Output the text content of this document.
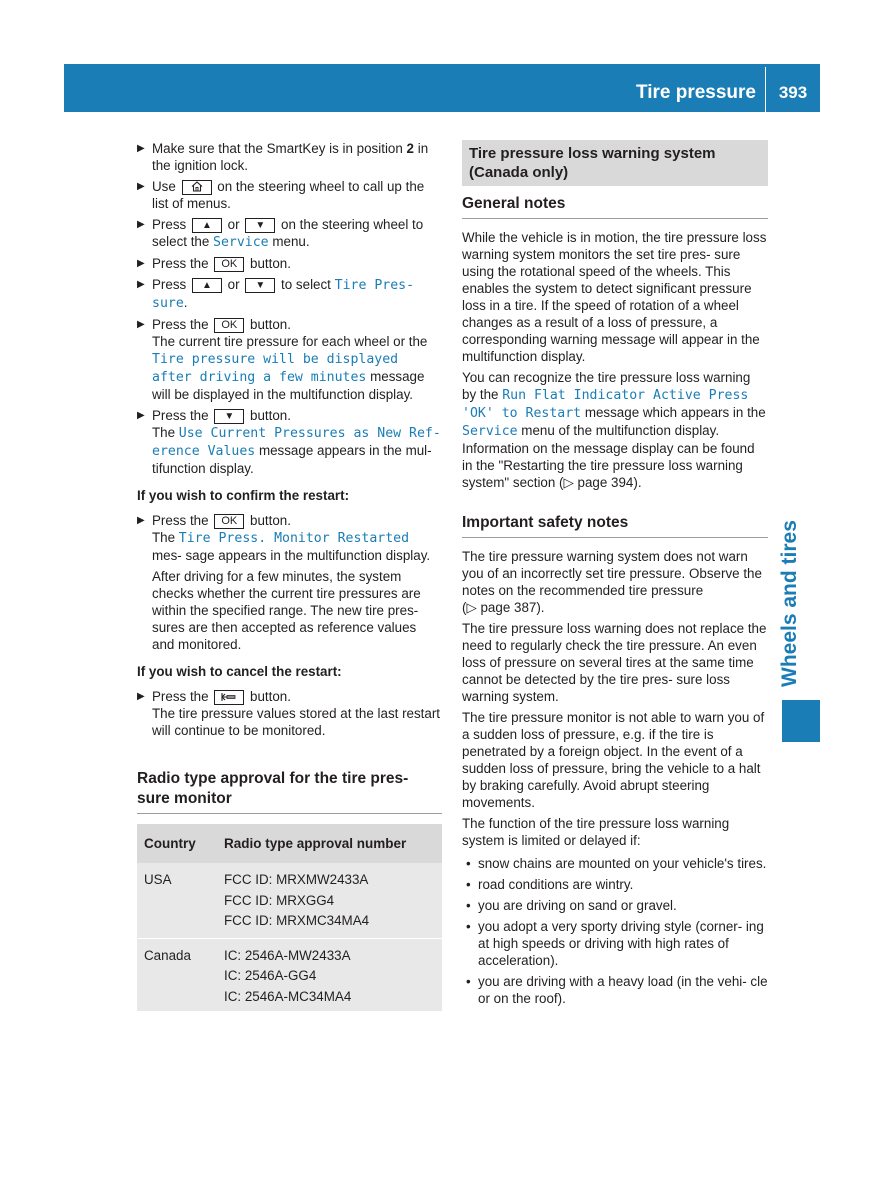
Tire pressure	393
Wheels and tires
▶ Make sure that the SmartKey is in position 2 in the ignition lock.
▶ Use	on the steering wheel to call up the list of menus.
▶ Press ▲ or ▼ on the steering wheel to select the Service menu.
▶ Press the OK button.
▶ Press ▲ or ▼ to select Tire Pres- sure.
▶ Press the OK button.
The current tire pressure for each wheel or the Tire pressure will be displayed after driving a few minutes message will be displayed in the multifunction display.
▶ Press the ▼ button.
The Use Current Pressures as New Ref- erence Values message appears in the mul- tifunction display.
If you wish to confirm the restart:
▶ Press the OK button.
The Tire Press. Monitor Restarted mes- sage appears in the multifunction display.

After driving for a few minutes, the system checks whether the current tire pressures are within the specified range. The new tire pres- sures are then accepted as reference values and monitored.

If you wish to cancel the restart:
▶ Press the	button.
The tire pressure values stored at the last restart will continue to be monitored.
Radio type approval for the tire pres- sure monitor
Country	Radio type approval number
USA	FCC ID: MRXMW2433A
FCC ID: MRXGG4
FCC ID: MRXMC34MA4

Canada	IC: 2546A-MW2433A
IC: 2546A-GG4
IC: 2546A-MC34MA4
Tire pressure loss warning system (Canada only)
General notes

While the vehicle is in motion, the tire pressure loss warning system monitors the set tire pres- sure using the rotational speed of the wheels. This enables the system to detect significant pressure loss in a tire. If the speed of rotation of a wheel changes as a result of a loss of pressure, a corresponding warning message will appear in the multifunction display.

You can recognize the tire pressure loss warning by the Run Flat Indicator Active Press 'OK' to Restart message which appears in the Service menu of the multifunction display. Information on the message display can be found in the "Restarting the tire pressure loss warning system" section (▷ page 394).

Important safety notes

The tire pressure warning system does not warn you of an incorrectly set tire pressure. Observe the notes on the recommended tire pressure (▷ page 387).

The tire pressure loss warning does not replace the need to regularly check the tire pressure. An even loss of pressure on several tires at the same time cannot be detected by the tire pres- sure loss warning system.

The tire pressure monitor is not able to warn you of a sudden loss of pressure, e.g. if the tire is penetrated by a foreign object. In the event of a sudden loss of pressure, bring the vehicle to a halt by braking carefully. Avoid abrupt steering movements.

The function of the tire pressure loss warning system is limited or delayed if:

• snow chains are mounted on your vehicle's tires.
• road conditions are wintry.
• you are driving on sand or gravel.
• you adopt a very sporty driving style (corner- ing at high speeds or driving with high rates of acceleration).
• you are driving with a heavy load (in the vehi- cle or on the roof).
